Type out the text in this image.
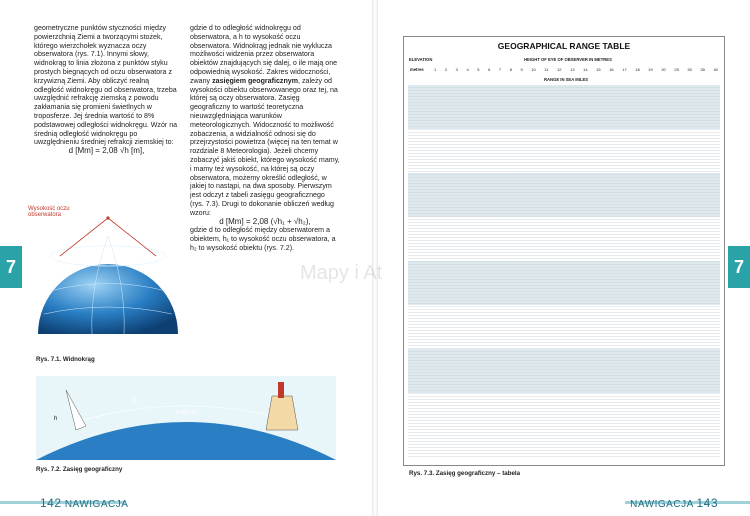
geometryczne punktów styczności między powierzchnią Ziemi a tworzącymi stożek, którego wierzchołek wyznacza oczy obserwatora (rys. 7.1). Innymi słowy, widnokrąg to linia złożona z punktów styku prostych biegnących od oczu obserwatora z krzywizną Ziemi. Aby obliczyć realną odległość widnokręgu od obserwatora, trzeba uwzględnić refrakcję ziemską z powodu zakłamania się promieni świetlnych w troposferze. Jej średnia wartość to 8% podstawowej odległości widnokręgu. Wzór na średnią odległość widnokręgu po uwzględnieniu średniej refrakcji ziemskiej to:

d [Mm] = 2,08 √h [m],

gdzie d to odległość widnokręgu od obserwatora, a h to wysokość oczu obserwatora. Widnokrąg jednak nie wyklucza możliwości widzenia przez obserwatora obiektów znajdujących się dalej, o ile mają one odpowiednią wysokość. Zakres widoczności, zwany zasięgiem geograficznym, zależy od wysokości obiektu obserwowanego oraz tej, na której są oczy obserwatora. Zasięg geograficzny to wartość teoretyczna nieuwzględniająca warunków meteorologicznych. Widoczność to możliwość zobaczenia, a widzialność odnosi się do przejrzystości powietrza (więcej na ten temat w rozdziale 8 Meteorologia). Jeżeli chcemy zobaczyć jakiś obiekt, którego wysokość mamy, i mamy też wysokość, na której są oczy obserwatora, możemy określić odległość, w jakiej to nastąpi, na dwa sposoby. Pierwszym jest odczyt z tabeli zasięgu geograficznego (rys. 7.3). Drugi to dokonanie obliczeń według wzoru:

d [Mm] = 2,08 (√h₁ + √h₂),

gdzie d to odległość między obserwatorem a obiektem, h₁ to wysokość oczu obserwatora, a h₂ to wysokość obiektu (rys. 7.2).

Wysokość oczu obserwatora
Rys. 7.1. Widnokrąg
h
d₁
d=d₁+d₂
Rys. 7.2. Zasięg geograficzny
7
142 NAWIGACJA
7
NAWIGACJA 143
Rys. 7.3. Zasięg geograficzny – tabela
GEOGRAPHICAL RANGE TABLE
ELEVATION	HEIGHT OF EYE OF OBSERVER IN METRES
metres	1 2 3 4 5 6 7 8 9 10 11 12 13 14 15 16 17 18 19 20 25 30 35 40
RANGE IN SEA MILES
Mapy i At
